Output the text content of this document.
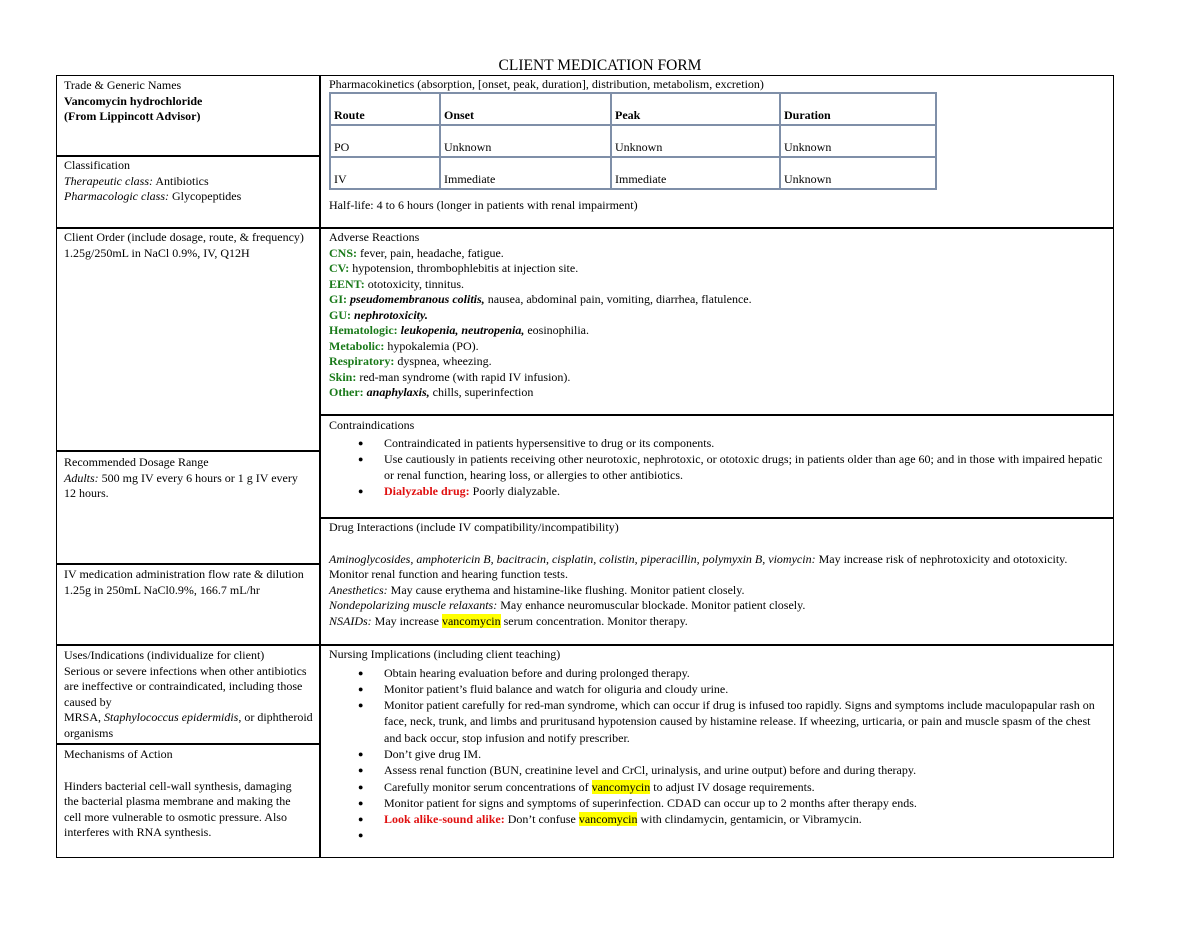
CLIENT MEDICATION FORM
Trade & Generic Names
Vancomycin hydrochloride
(From Lippincott Advisor)
Classification
Therapeutic class: Antibiotics
Pharmacologic class: Glycopeptides
Pharmacokinetics (absorption, [onset, peak, duration], distribution, metabolism, excretion)
Route	Onset	Peak	Duration
PO	Unknown	Unknown	Unknown
IV	Immediate	Immediate	Unknown
Half-life: 4 to 6 hours (longer in patients with renal impairment)
Client Order (include dosage, route, & frequency)
1.25g/250mL in NaCl 0.9%, IV, Q12H
Adverse Reactions
CNS: fever, pain, headache, fatigue.
CV: hypotension, thrombophlebitis at injection site.
EENT: ototoxicity, tinnitus.
GI: pseudomembranous colitis, nausea, abdominal pain, vomiting, diarrhea, flatulence.
GU: nephrotoxicity.
Hematologic: leukopenia, neutropenia, eosinophilia.
Metabolic: hypokalemia (PO).
Respiratory: dyspnea, wheezing.
Skin: red-man syndrome (with rapid IV infusion).
Other: anaphylaxis, chills, superinfection
Contraindications
● Contraindicated in patients hypersensitive to drug or its components.
● Use cautiously in patients receiving other neurotoxic, nephrotoxic, or ototoxic drugs; in patients older than age 60; and in those with impaired hepatic or renal function, hearing loss, or allergies to other antibiotics.
● Dialyzable drug: Poorly dialyzable.
Recommended Dosage Range
Adults: 500 mg IV every 6 hours or 1 g IV every 12 hours.
Drug Interactions (include IV compatibility/incompatibility)
Aminoglycosides, amphotericin B, bacitracin, cisplatin, colistin, piperacillin, polymyxin B, viomycin: May increase risk of nephrotoxicity and ototoxicity. Monitor renal function and hearing function tests.
Anesthetics: May cause erythema and histamine-like flushing. Monitor patient closely.
Nondepolarizing muscle relaxants: May enhance neuromuscular blockade. Monitor patient closely.
NSAIDs: May increase vancomycin serum concentration. Monitor therapy.
IV medication administration flow rate & dilution
1.25g in 250mL NaCl0.9%, 166.7 mL/hr
Uses/Indications (individualize for client)
Serious or severe infections when other antibiotics are ineffective or contraindicated, including those caused by
MRSA, Staphylococcus epidermidis, or diphtheroid organisms
Mechanisms of Action
Hinders bacterial cell-wall synthesis, damaging the bacterial plasma membrane and making the cell more vulnerable to osmotic pressure. Also interferes with RNA synthesis.
Nursing Implications (including client teaching)
● Obtain hearing evaluation before and during prolonged therapy.
● Monitor patient’s fluid balance and watch for oliguria and cloudy urine.
● Monitor patient carefully for red-man syndrome, which can occur if drug is infused too rapidly. Signs and symptoms include maculopapular rash on face, neck, trunk, and limbs and pruritusand hypotension caused by histamine release. If wheezing, urticaria, or pain and muscle spasm of the chest and back occur, stop infusion and notify prescriber.
● Don’t give drug IM.
● Assess renal function (BUN, creatinine level and CrCl, urinalysis, and urine output) before and during therapy.
● Carefully monitor serum concentrations of vancomycin to adjust IV dosage requirements.
● Monitor patient for signs and symptoms of superinfection. CDAD can occur up to 2 months after therapy ends.
● Look alike-sound alike: Don’t confuse vancomycin with clindamycin, gentamicin, or Vibramycin.
●
